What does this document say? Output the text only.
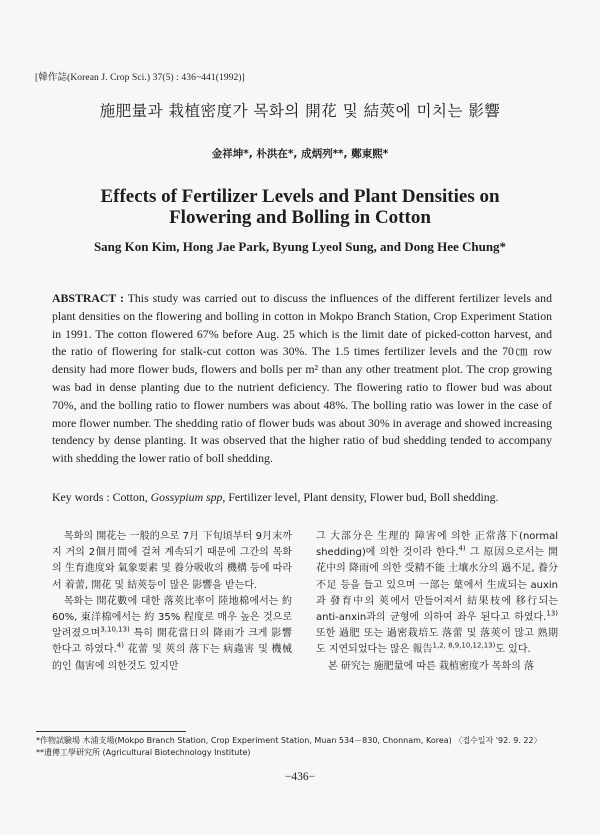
[韓作誌(Korean J. Crop Sci.) 37(5) : 436~441(1992)]
施肥量과 栽植密度가 목화의 開花 및 結莢에 미치는 影響
金祥坤*, 朴洪在*, 成炳列**, 鄭東熙*
Effects of Fertilizer Levels and Plant Densities on
Flowering and Bolling in Cotton
Sang Kon Kim, Hong Jae Park, Byung Lyeol Sung, and Dong Hee Chung*
ABSTRACT : This study was carried out to discuss the influences of the different fertilizer levels and plant densities on the flowering and bolling in cotton in Mokpo Branch Station, Crop Experiment Station in 1991. The cotton flowered 67% before Aug. 25 which is the limit date of picked-cotton harvest, and the ratio of flowering for stalk-cut cotton was 30%. The 1.5 times fertilizer levels and the 70㎝ row density had more flower buds, flowers and bolls per m² than any other treatment plot. The crop growing was bad in dense planting due to the nutrient deficiency. The flowering ratio to flower bud was about 70%, and the bolling ratio to flower numbers was about 48%. The bolling ratio was lower in the case of more flower number. The shedding ratio of flower buds was about 30% in average and showed increasing tendency by dense planting. It was observed that the higher ratio of bud shedding tended to accompany with shedding the lower ratio of boll shedding.
Key words : Cotton, Gossypium spp, Fertilizer level, Plant density, Flower bud, Boll shedding.

목화의 開花는 一般的으로 7月 下旬頃부터 9月末까지 거의 2個月間에 걸쳐 계속되기 때문에 그간의 목화의 生育進度와 氣象要素 및 養分吸收의 機構 등에 따라서 着蕾, 開花 및 結莢등이 많은 影響을 받는다.

목화는 開花數에 대한 落莢比率이 陸地棉에서는 約 60%, 東洋棉에서는 約 35% 程度로 매우 높은 것으로 알려졌으며$^{3,10,13)}$ 특히 開花當日의 降雨가 크게 影響한다고 하였다.$^{4)}$ 花蕾 및 莢의 落下는 病蟲害 및 機械的인 傷害에 의한것도 있지만

그 大部分은 生理的 障害에 의한 正常落下(normal shedding)에 의한 것이라 한다.$^{4)}$ 그 原因으로서는 開花中의 降雨에 의한 受精不能 土壤水分의 過不足, 養分不足 등을 들고 있으며 一部는 葉에서 生成되는 auxin과 發育中의 莢에서 만들어져서 結果枝에 移行되는 anti-anxin과의 균형에 의하여 좌우 된다고 하였다.$^{13)}$ 또한 過肥 또는 過密栽培도 落蕾 및 落莢이 많고 熟期도 지연되었다는 많은 報告$^{1,2, 8,9,10,12,13)}$도 있다.

본 研究는 施肥量에 따른 栽植密度가 목화의 落

*作物試驗場 木浦支場(Mokpo Branch Station, Crop Experiment Station, Muan 534－830, Chonnam, Korea) 〈접수일자 '92. 9. 22〉
**遺傳工學研究所 (Agricultural Biotechnology Institute)
−436−
